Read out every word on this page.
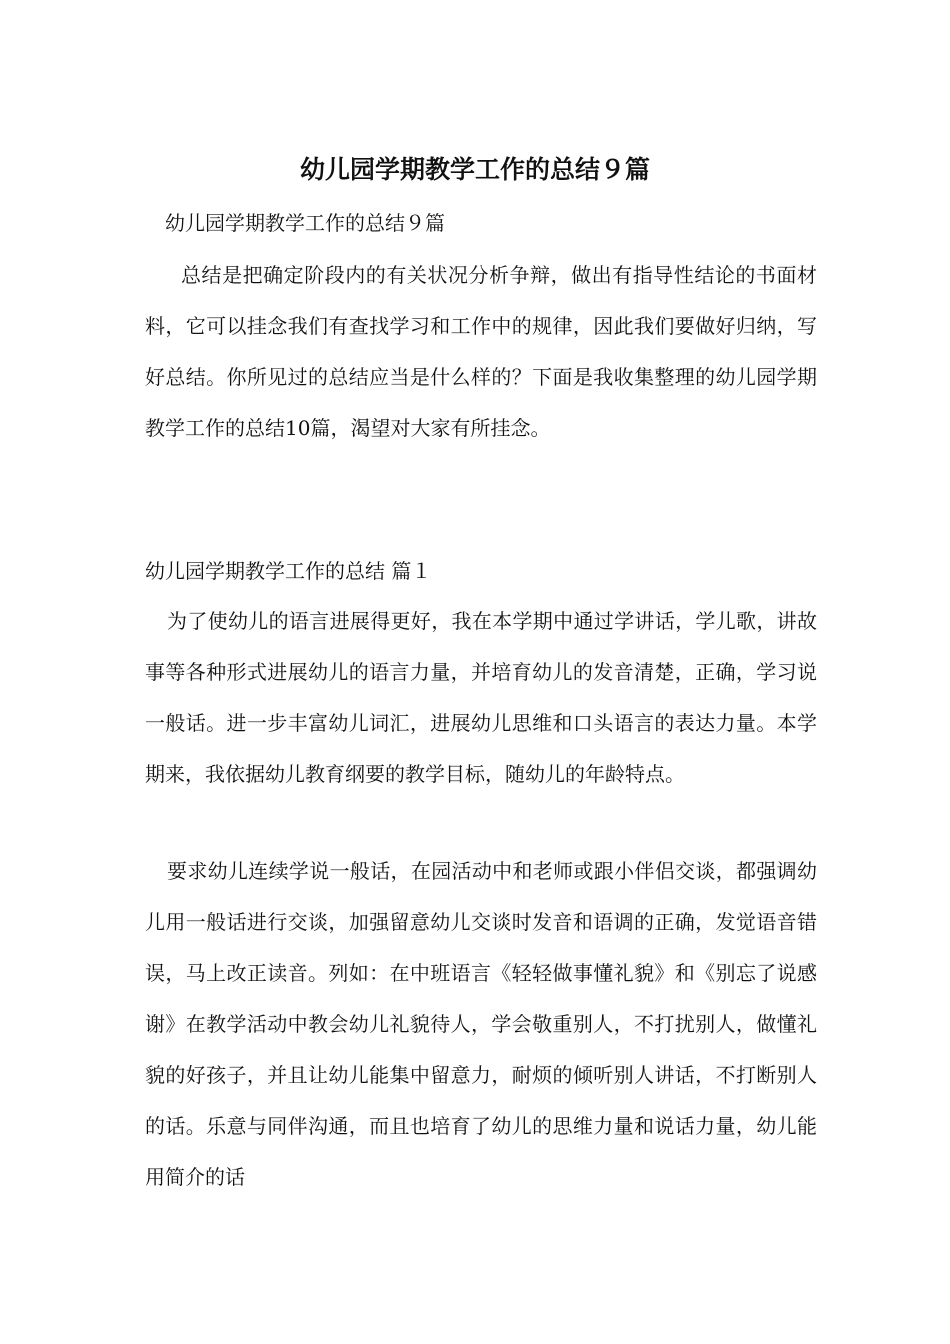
幼儿园学期教学工作的总结９篇

幼儿园学期教学工作的总结９篇

总结是把确定阶段内的有关状况分析争辩，做出有指导性结论的书面材料，它可以挂念我们有查找学习和工作中的规律，因此我们要做好归纳，写好总结。你所见过的总结应当是什么样的？下面是我收集整理的幼儿园学期教学工作的总结10篇，渴望对大家有所挂念。

幼儿园学期教学工作的总结 篇１

为了使幼儿的语言进展得更好，我在本学期中通过学讲话，学儿歌，讲故事等各种形式进展幼儿的语言力量，并培育幼儿的发音清楚，正确，学习说一般话。进一步丰富幼儿词汇，进展幼儿思维和口头语言的表达力量。本学期来，我依据幼儿教育纲要的教学目标，随幼儿的年龄特点。

要求幼儿连续学说一般话，在园活动中和老师或跟小伴侣交谈，都强调幼儿用一般话进行交谈，加强留意幼儿交谈时发音和语调的正确，发觉语音错误，马上改正读音。列如：在中班语言《轻轻做事懂礼貌》和《别忘了说感谢》在教学活动中教会幼儿礼貌待人，学会敬重别人，不打扰别人，做懂礼貌的好孩子，并且让幼儿能集中留意力，耐烦的倾听别人讲话，不打断别人的话。乐意与同伴沟通，而且也培育了幼儿的思维力量和说话力量，幼儿能用简介的话
